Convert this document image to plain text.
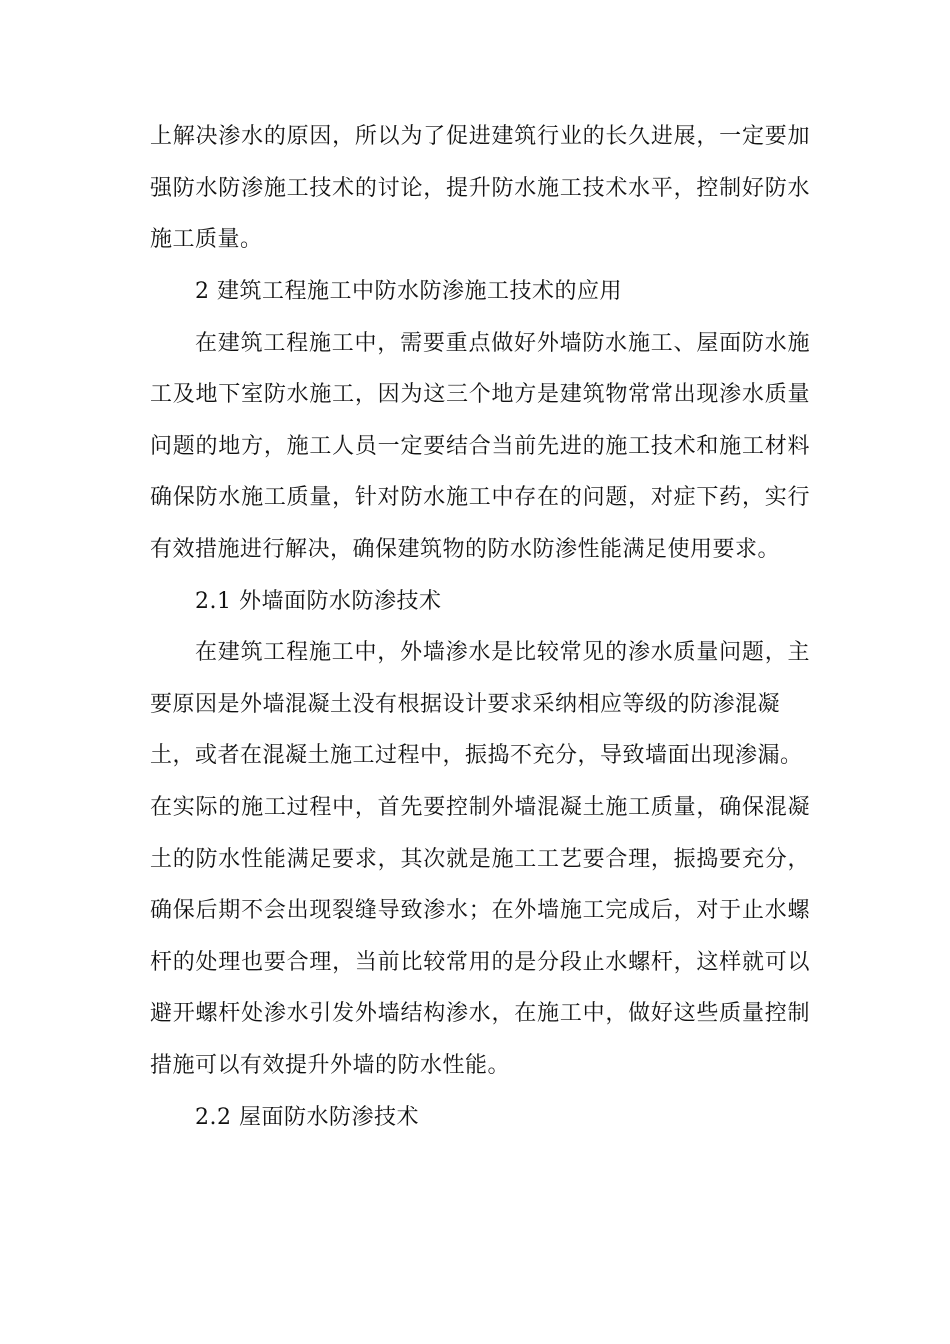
上解决渗水的原因，所以为了促进建筑行业的长久进展，一定要加
强防水防渗施工技术的讨论，提升防水施工技术水平，控制好防水
施工质量。
2 建筑工程施工中防水防渗施工技术的应用
在建筑工程施工中，需要重点做好外墙防水施工、屋面防水施
工及地下室防水施工，因为这三个地方是建筑物常常出现渗水质量
问题的地方，施工人员一定要结合当前先进的施工技术和施工材料
确保防水施工质量，针对防水施工中存在的问题，对症下药，实行
有效措施进行解决，确保建筑物的防水防渗性能满足使用要求。
2.1 外墙面防水防渗技术
在建筑工程施工中，外墙渗水是比较常见的渗水质量问题，主
要原因是外墙混凝土没有根据设计要求采纳相应等级的防渗混凝
土，或者在混凝土施工过程中，振捣不充分，导致墙面出现渗漏。
在实际的施工过程中，首先要控制外墙混凝土施工质量，确保混凝
土的防水性能满足要求，其次就是施工工艺要合理，振捣要充分，
确保后期不会出现裂缝导致渗水；在外墙施工完成后，对于止水螺
杆的处理也要合理，当前比较常用的是分段止水螺杆，这样就可以
避开螺杆处渗水引发外墙结构渗水，在施工中，做好这些质量控制
措施可以有效提升外墙的防水性能。
2.2 屋面防水防渗技术
